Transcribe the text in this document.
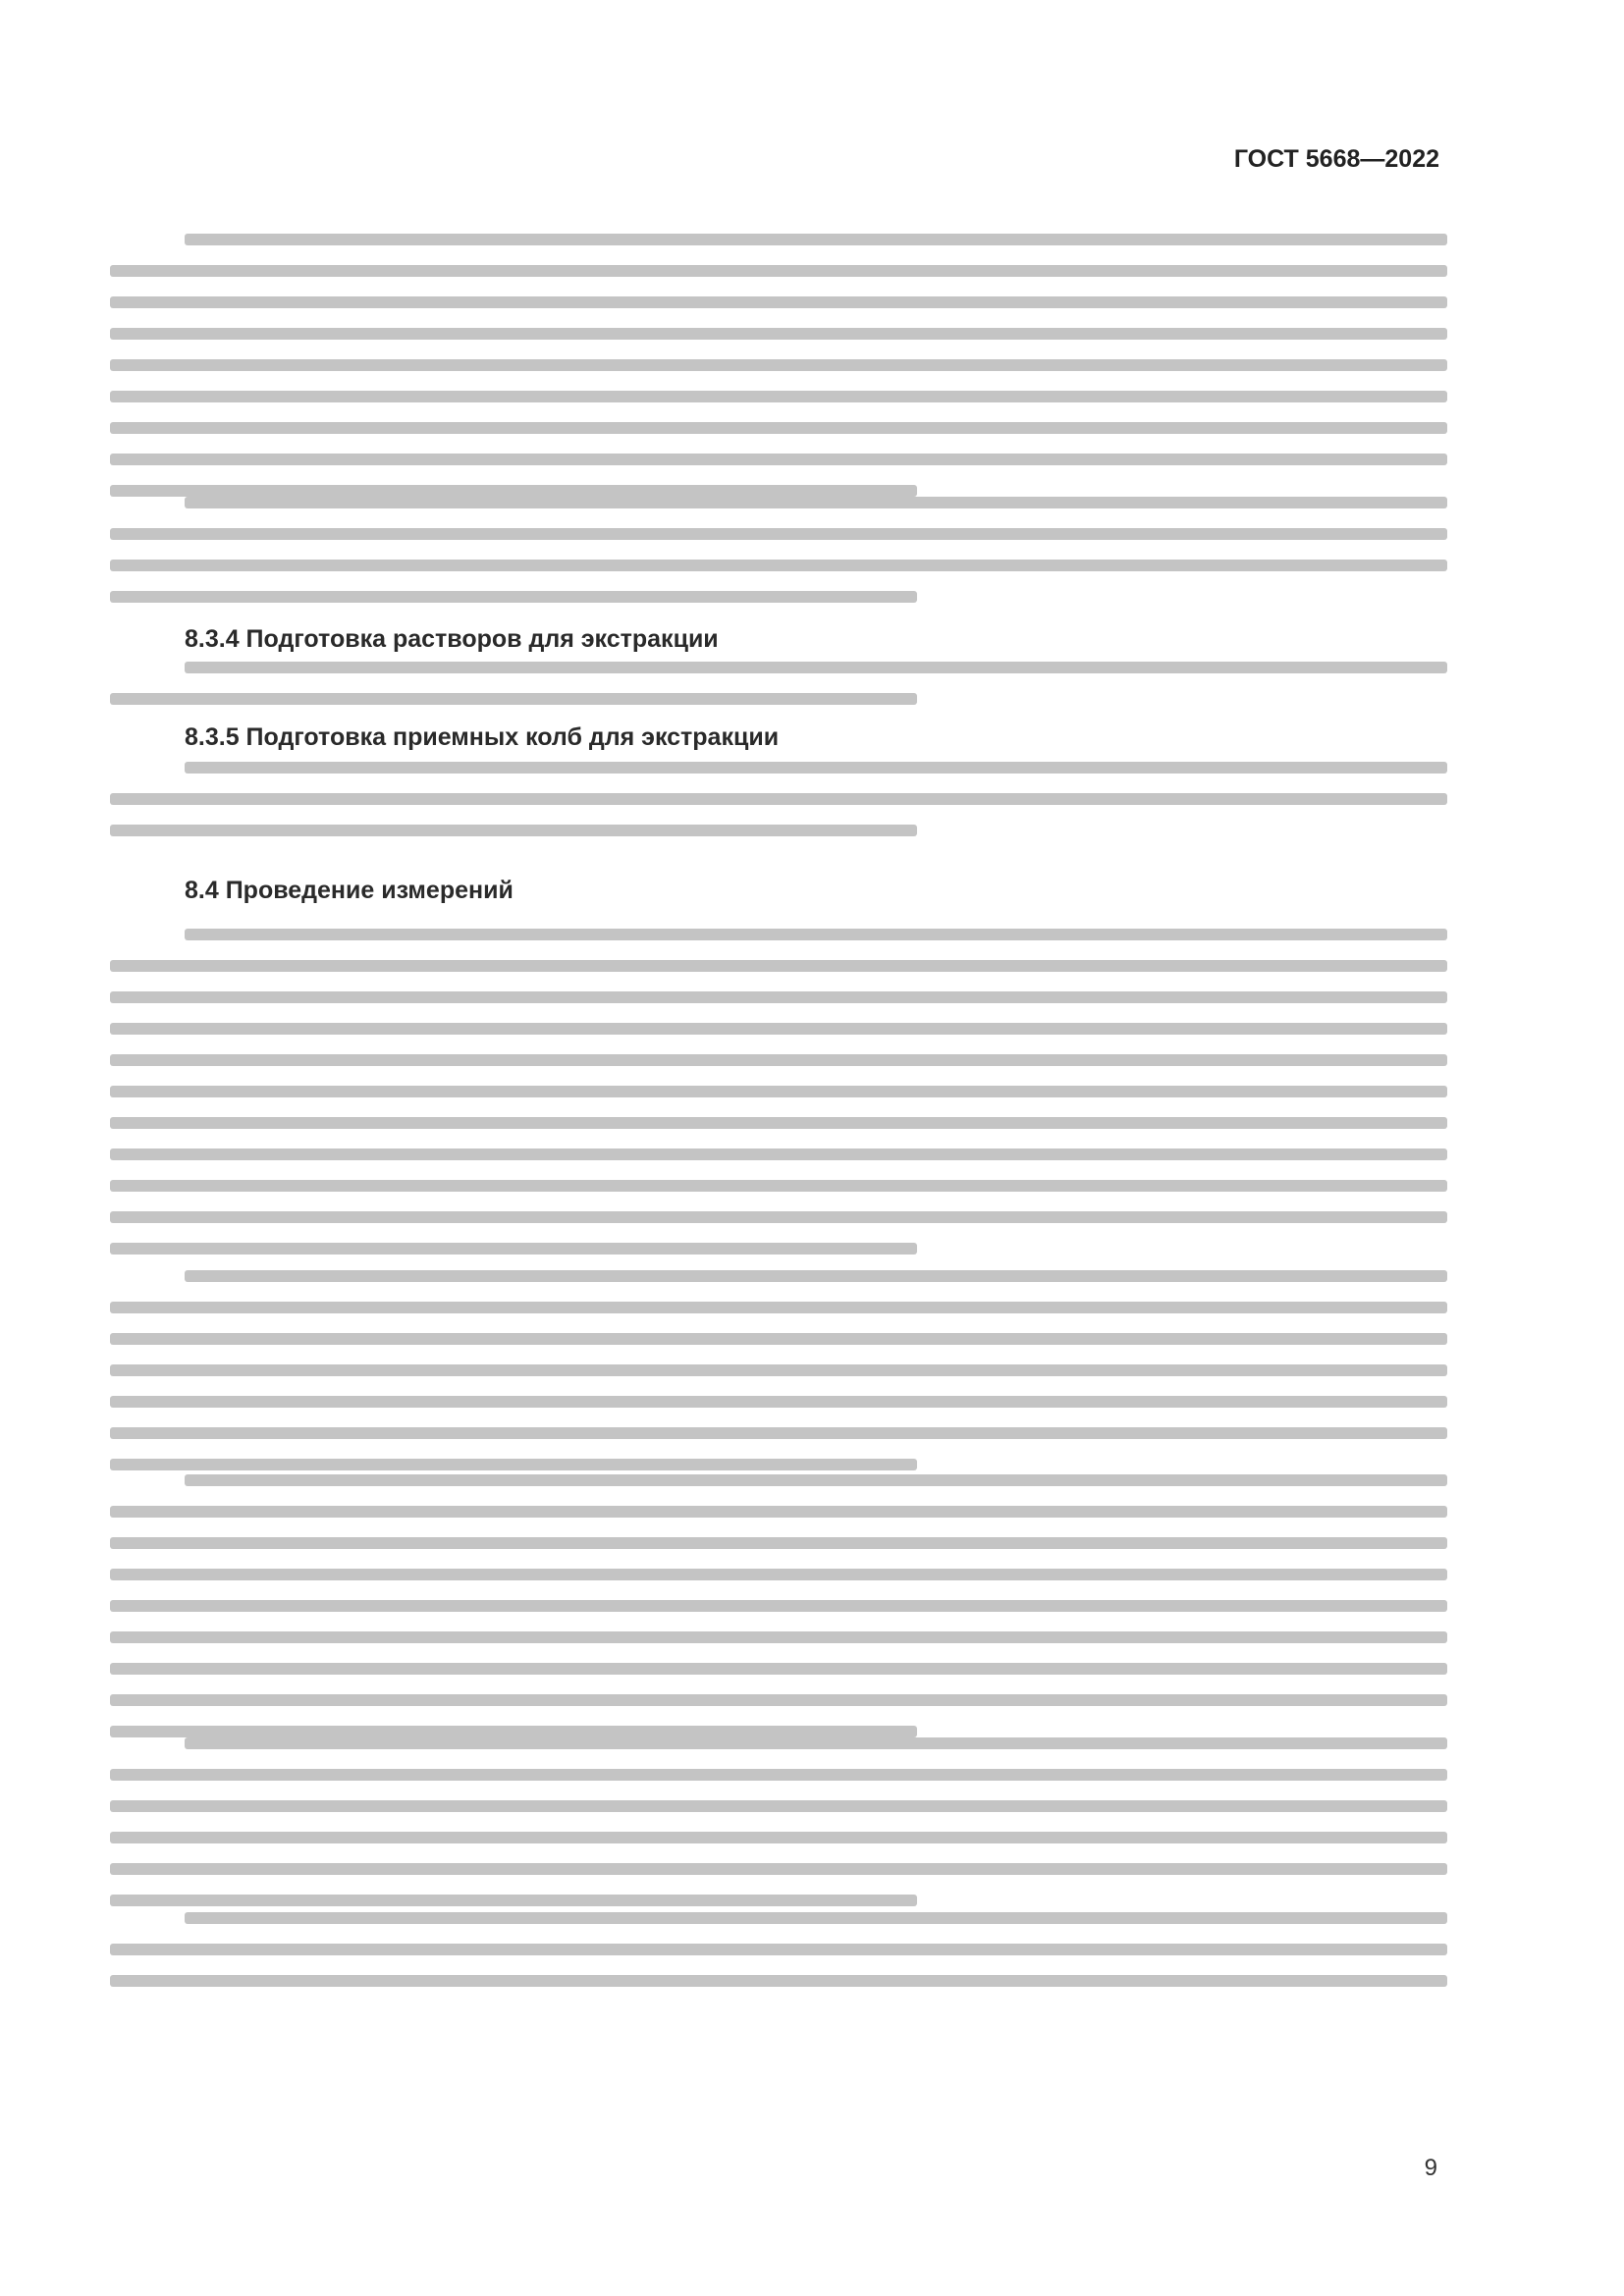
ГОСТ 5668—2022
8.3.4 Подготовка растворов для экстракции
8.3.5 Подготовка приемных колб для экстракции
8.4 Проведение измерений
9
